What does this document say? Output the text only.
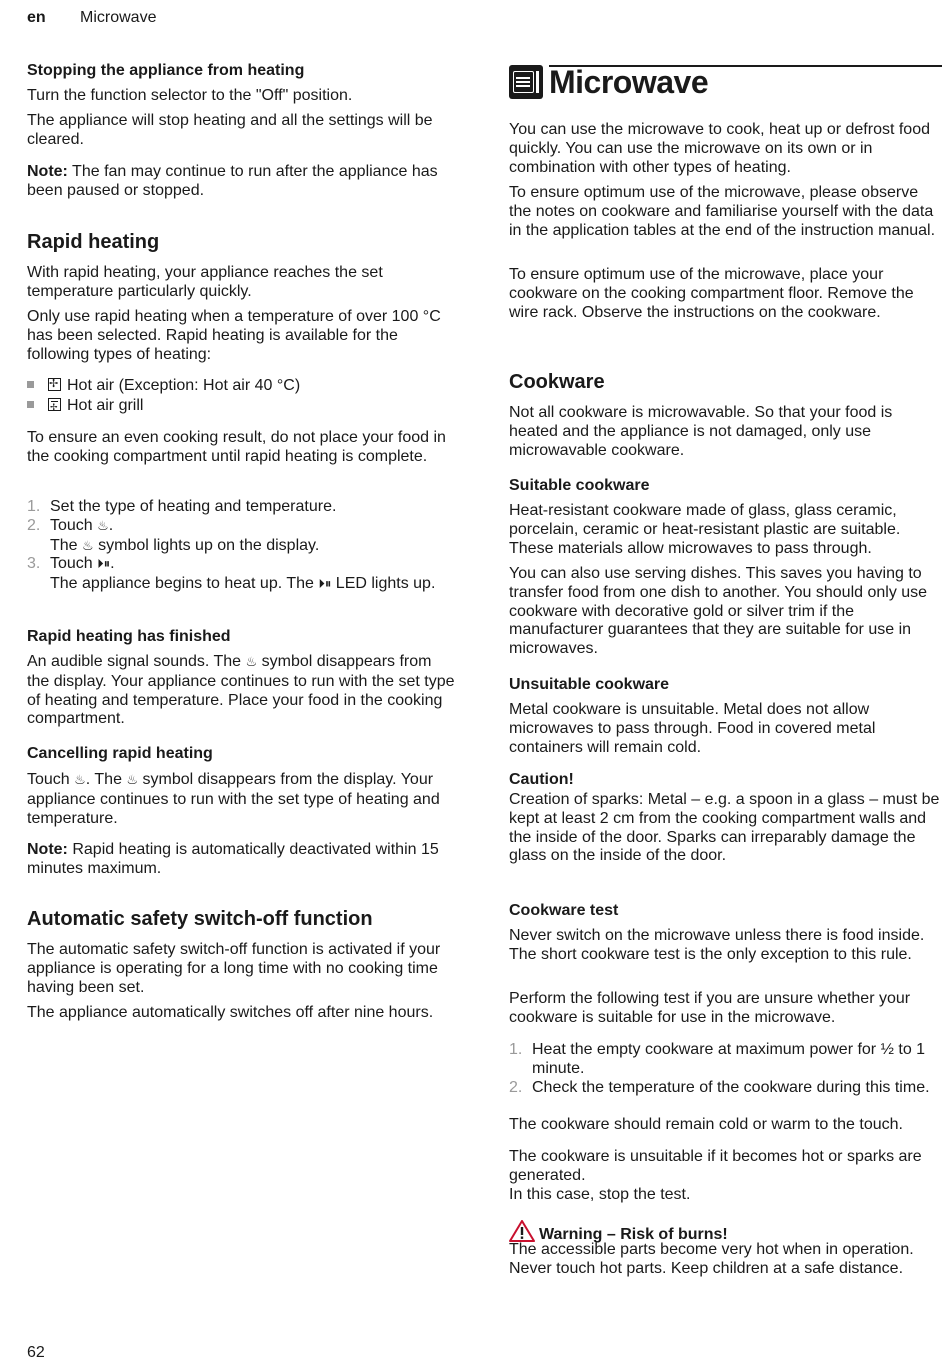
en Microwave
Stopping the appliance from heating

Turn the function selector to the "Off" position.

The appliance will stop heating and all the settings will be cleared.

Note: The fan may continue to run after the appliance has been paused or stopped.

Rapid heating

With rapid heating, your appliance reaches the set temperature particularly quickly.

Only use rapid heating when a temperature of over 100 °C has been selected. Rapid heating is available for the following types of heating:

✢Hot air (Exception: Hot air 40 °C)
✢Hot air grill

To ensure an even cooking result, do not place your food in the cooking compartment until rapid heating is complete.

1. Set the type of heating and temperature.
2. Touch ♨.
The ♨ symbol lights up on the display.
3. Touch ⏵⏸.
The appliance begins to heat up. The ⏵⏸ LED lights up.
Rapid heating has finished

An audible signal sounds. The ♨ symbol disappears from the display. Your appliance continues to run with the set type of heating and temperature. Place your food in the cooking compartment.

Cancelling rapid heating

Touch ♨. The ♨ symbol disappears from the display. Your appliance continues to run with the set type of heating and temperature.

Note: Rapid heating is automatically deactivated within 15 minutes maximum.

Automatic safety switch-off function

The automatic safety switch-off function is activated if your appliance is operating for a long time with no cooking time having been set.

The appliance automatically switches off after nine hours.

Microwave

You can use the microwave to cook, heat up or defrost food quickly. You can use the microwave on its own or in combination with other types of heating.

To ensure optimum use of the microwave, please observe the notes on cookware and familiarise yourself with the data in the application tables at the end of the instruction manual.

To ensure optimum use of the microwave, place your cookware on the cooking compartment floor. Remove the wire rack. Observe the instructions on the cookware.

Cookware

Not all cookware is microwavable. So that your food is heated and the appliance is not damaged, only use microwavable cookware.

Suitable cookware

Heat-resistant cookware made of glass, glass ceramic, porcelain, ceramic or heat-resistant plastic are suitable. These materials allow microwaves to pass through.

You can also use serving dishes. This saves you having to transfer food from one dish to another. You should only use cookware with decorative gold or silver trim if the manufacturer guarantees that they are suitable for use in microwaves.

Unsuitable cookware

Metal cookware is unsuitable. Metal does not allow microwaves to pass through. Food in covered metal containers will remain cold.

Caution!

Creation of sparks: Metal – e.g. a spoon in a glass – must be kept at least 2 cm from the cooking compartment walls and the inside of the door. Sparks can irreparably damage the glass on the inside of the door.

Cookware test

Never switch on the microwave unless there is food inside. The short cookware test is the only exception to this rule.

Perform the following test if you are unsure whether your cookware is suitable for use in the microwave.

1. Heat the empty cookware at maximum power for ½ to 1 minute.
2. Check the temperature of the cookware during this time.

The cookware should remain cold or warm to the touch.

The cookware is unsuitable if it becomes hot or sparks are generated.
In this case, stop the test.

Warning – Risk of burns!

The accessible parts become very hot when in operation. Never touch hot parts. Keep children at a safe distance.

62
